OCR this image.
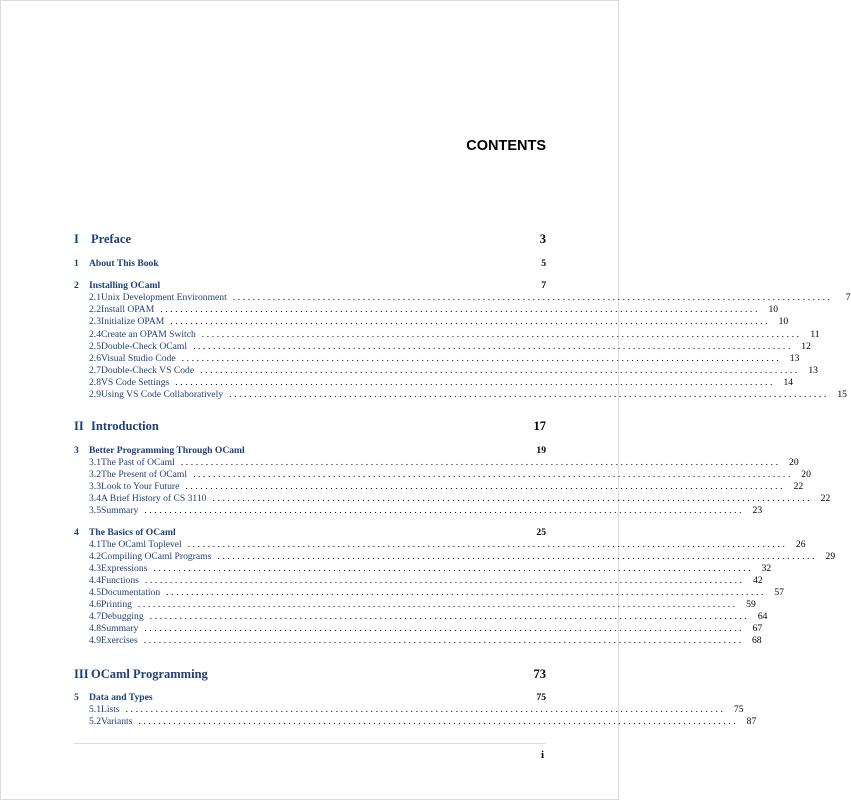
CONTENTS
I Preface	3
1	About This Book	5
2	Installing OCaml	7
2.1 Unix Development Environment ........................................................................................................................	7
2.2 Install OPAM ........................................................................................................................ 10
2.3 Initialize OPAM ........................................................................................................................ 10
2.4 Create an OPAM Switch ........................................................................................................................ 11
2.5 Double-Check OCaml ........................................................................................................................ 12
2.6 Visual Studio Code ........................................................................................................................ 13
2.7 Double-Check VS Code ........................................................................................................................ 13
2.8 VS Code Settings ........................................................................................................................ 14
2.9 Using VS Code Collaboratively ........................................................................................................................ 15
II Introduction	17
3	Better Programming Through OCaml	19
3.1 The Past of OCaml ........................................................................................................................ 20
3.2 The Present of OCaml ........................................................................................................................ 20
3.3 Look to Your Future ........................................................................................................................ 22
3.4 A Brief History of CS 3110 ........................................................................................................................ 22
3.5 Summary ........................................................................................................................ 23
4	The Basics of OCaml	25
4.1 The OCaml Toplevel ........................................................................................................................ 26
4.2 Compiling OCaml Programs ........................................................................................................................ 29
4.3 Expressions ........................................................................................................................ 32
4.4 Functions ........................................................................................................................ 42
4.5 Documentation ........................................................................................................................ 57
4.6 Printing ........................................................................................................................ 59
4.7 Debugging ........................................................................................................................ 64
4.8 Summary ........................................................................................................................ 67
4.9 Exercises ........................................................................................................................ 68
III OCaml Programming	73
5	Data and Types	75
5.1 Lists ........................................................................................................................ 75
5.2 Variants ........................................................................................................................ 87
i
